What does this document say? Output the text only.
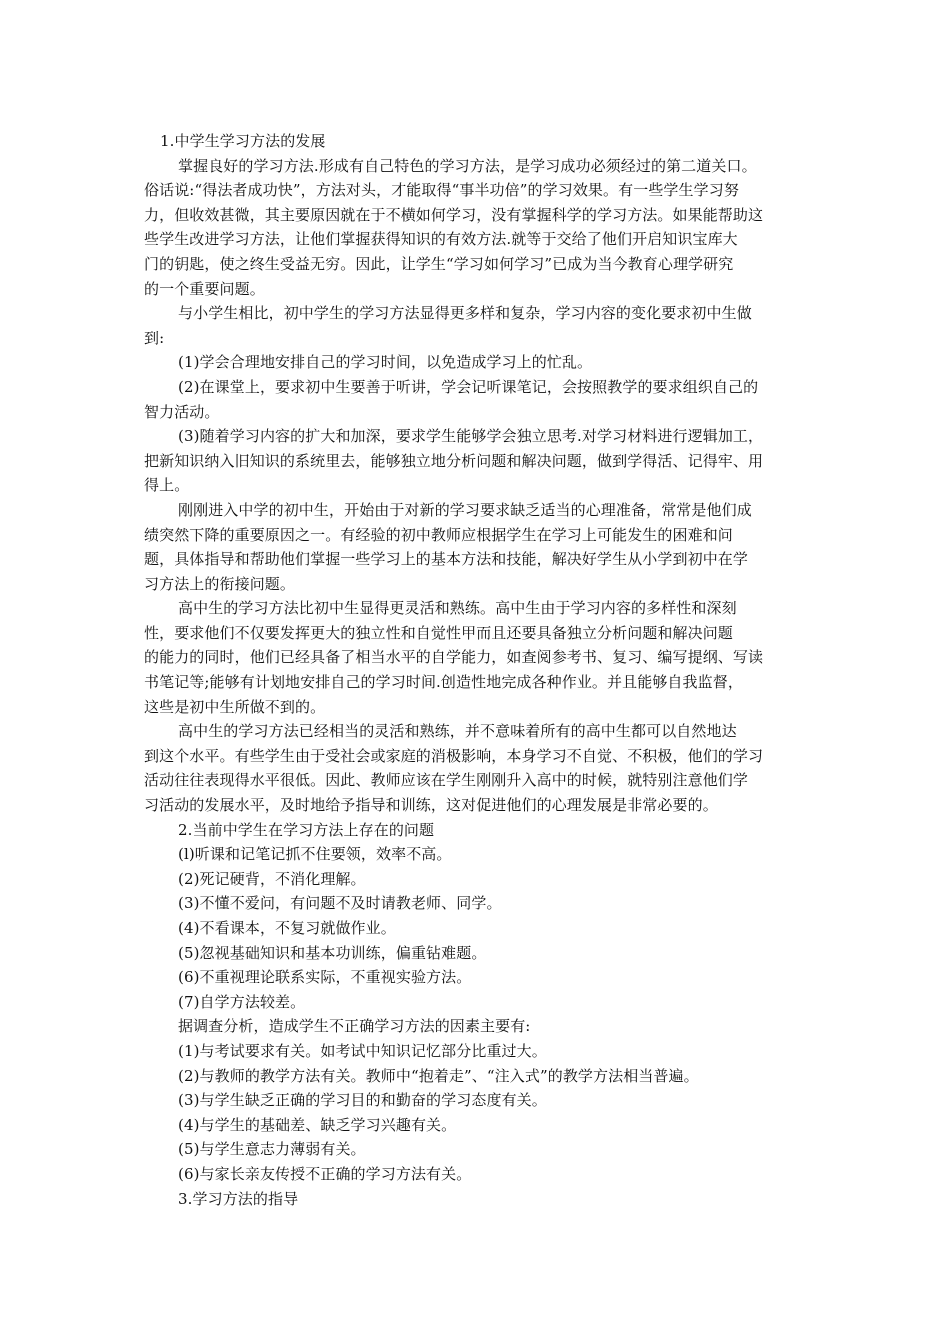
1.中学生学习方法的发展
掌握良好的学习方法.形成有自己特色的学习方法，是学习成功必须经过的第二道关口。
俗话说:“得法者成功快”，方法对头，才能取得“事半功倍”的学习效果。有一些学生学习努
力，但收效甚微，其主要原因就在于不横如何学习，没有掌握科学的学习方法。如果能帮助这
些学生改进学习方法，让他们掌握获得知识的有效方法.就等于交给了他们开启知识宝库大
门的钥匙，使之终生受益无穷。因此，让学生“学习如何学习”已成为当今教育心理学研究
的一个重要问题。
与小学生相比，初中学生的学习方法显得更多样和复杂，学习内容的变化要求初中生做
到:
(1)学会合理地安排自己的学习时间，以免造成学习上的忙乱。
(2)在课堂上，要求初中生要善于听讲，学会记听课笔记，会按照教学的要求组织自己的
智力活动。
(3)随着学习内容的扩大和加深，要求学生能够学会独立思考.对学习材料进行逻辑加工，
把新知识纳入旧知识的系统里去，能够独立地分析问题和解决问题，做到学得活、记得牢、用
得上。
刚刚进入中学的初中生，开始由于对新的学习要求缺乏适当的心理准备，常常是他们成
绩突然下降的重要原因之一。有经验的初中教师应根据学生在学习上可能发生的困难和问
题，具体指导和帮助他们掌握一些学习上的基本方法和技能，解决好学生从小学到初中在学
习方法上的衔接问题。
高中生的学习方法比初中生显得更灵活和熟练。高中生由于学习内容的多样性和深刻
性，要求他们不仅要发挥更大的独立性和自觉性甲而且还要具备独立分析问题和解决问题
的能力的同时，他们已经具备了相当水平的自学能力，如查阅参考书、复习、编写提纲、写读
书笔记等;能够有计划地安排自己的学习时间.创造性地完成各种作业。并且能够自我监督，
这些是初中生所做不到的。
高中生的学习方法已经相当的灵活和熟练，并不意味着所有的高中生都可以自然地达
到这个水平。有些学生由于受社会或家庭的消极影响，本身学习不自觉、不积极，他们的学习
活动往往表现得水平很低。因此、教师应该在学生刚刚升入高中的时候，就特别注意他们学
习活动的发展水平，及时地给予指导和训练，这对促进他们的心理发展是非常必要的。
2.当前中学生在学习方法上存在的问题
(l)听课和记笔记抓不住要领，效率不高。
(2)死记硬背，不消化理解。
(3)不懂不爱问，有问题不及时请教老师、同学。
(4)不看课本，不复习就做作业。
(5)忽视基础知识和基本功训练，偏重钻难题。
(6)不重视理论联系实际，不重视实验方法。
(7)自学方法较差。
据调查分析，造成学生不正确学习方法的因素主要有:
(1)与考试要求有关。如考试中知识记忆部分比重过大。
(2)与教师的教学方法有关。教师中“抱着走”、“注入式”的教学方法相当普遍。
(3)与学生缺乏正确的学习目的和勤奋的学习态度有关。
(4)与学生的基础差、缺乏学习兴趣有关。
(5)与学生意志力薄弱有关。
(6)与家长亲友传授不正确的学习方法有关。
3.学习方法的指导
